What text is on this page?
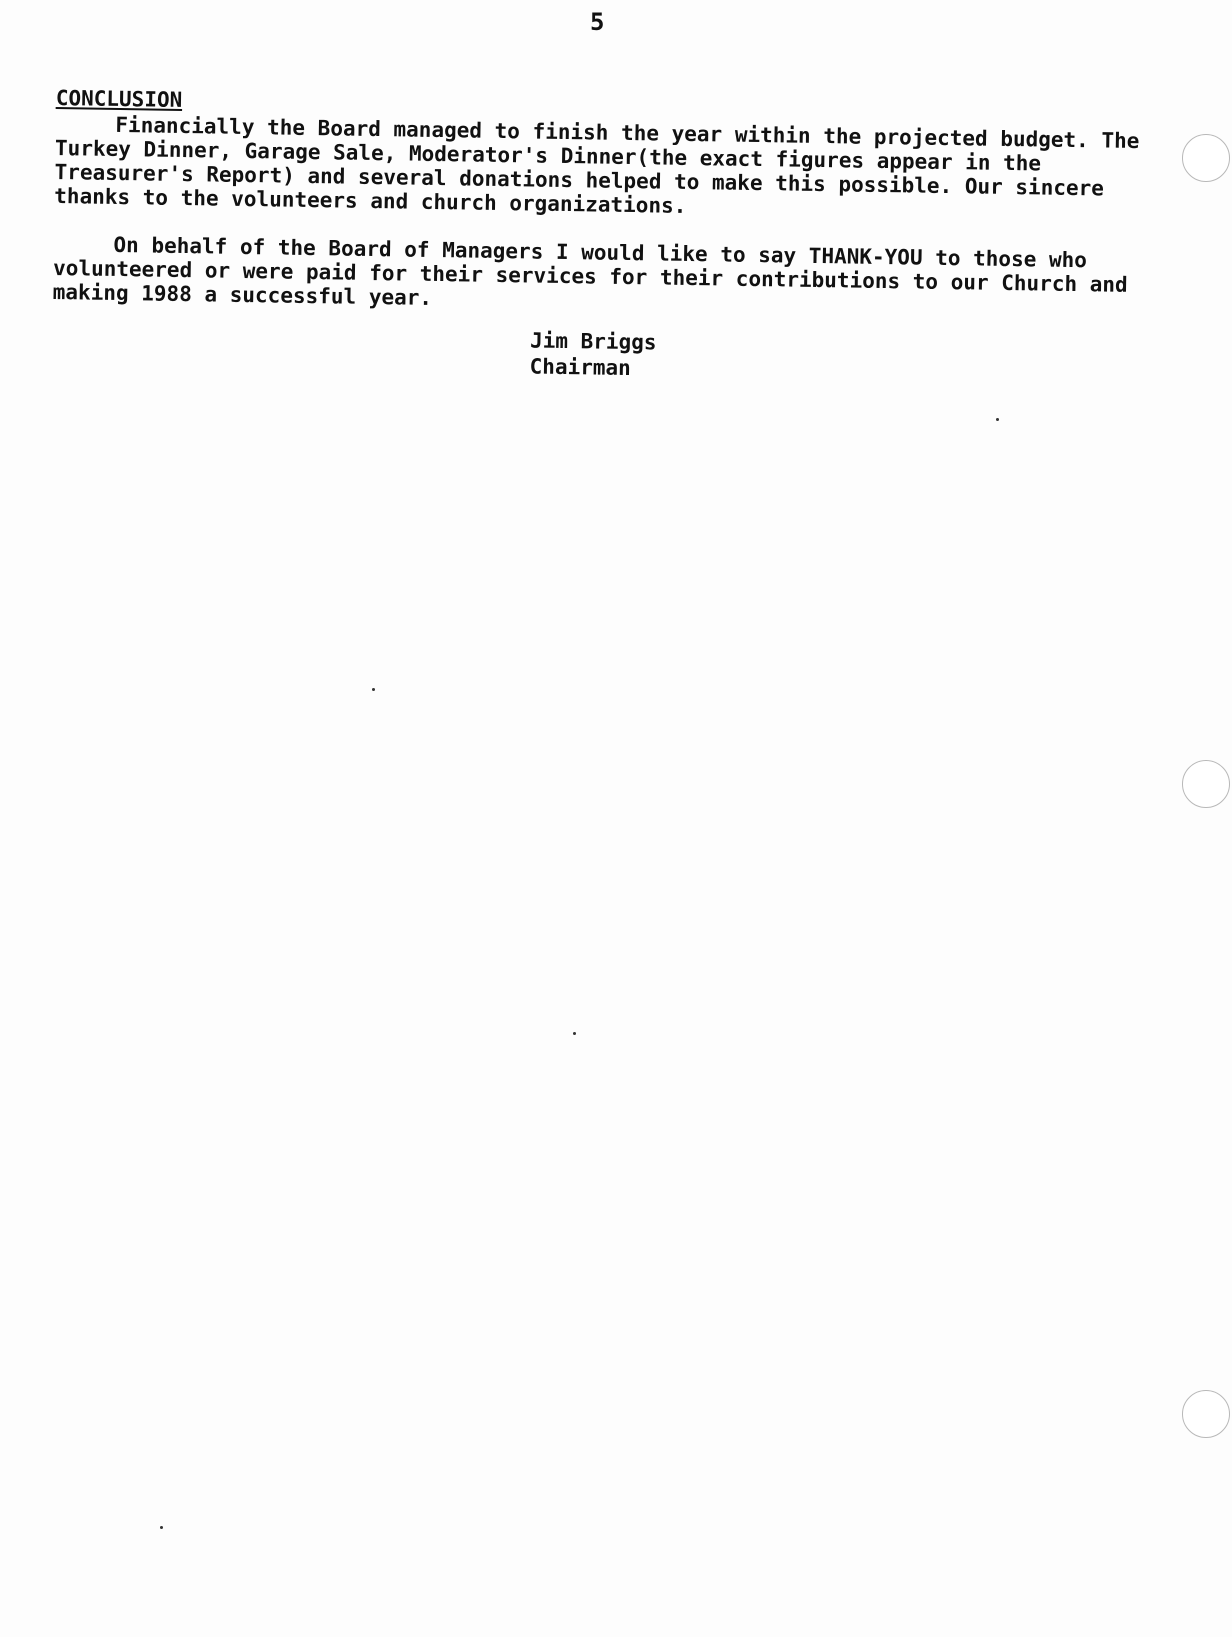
5
CONCLUSION

Financially the Board managed to finish the year within the projected budget. The Turkey Dinner, Garage Sale, Moderator's Dinner(the exact figures appear in the Treasurer's Report) and several donations helped to make this possible. Our sincere thanks to the volunteers and church organizations.

On behalf of the Board of Managers I would like to say THANK-YOU to those who volunteered or were paid for their services for their contributions to our Church and making 1988 a successful year.

Jim Briggs
Chairman
